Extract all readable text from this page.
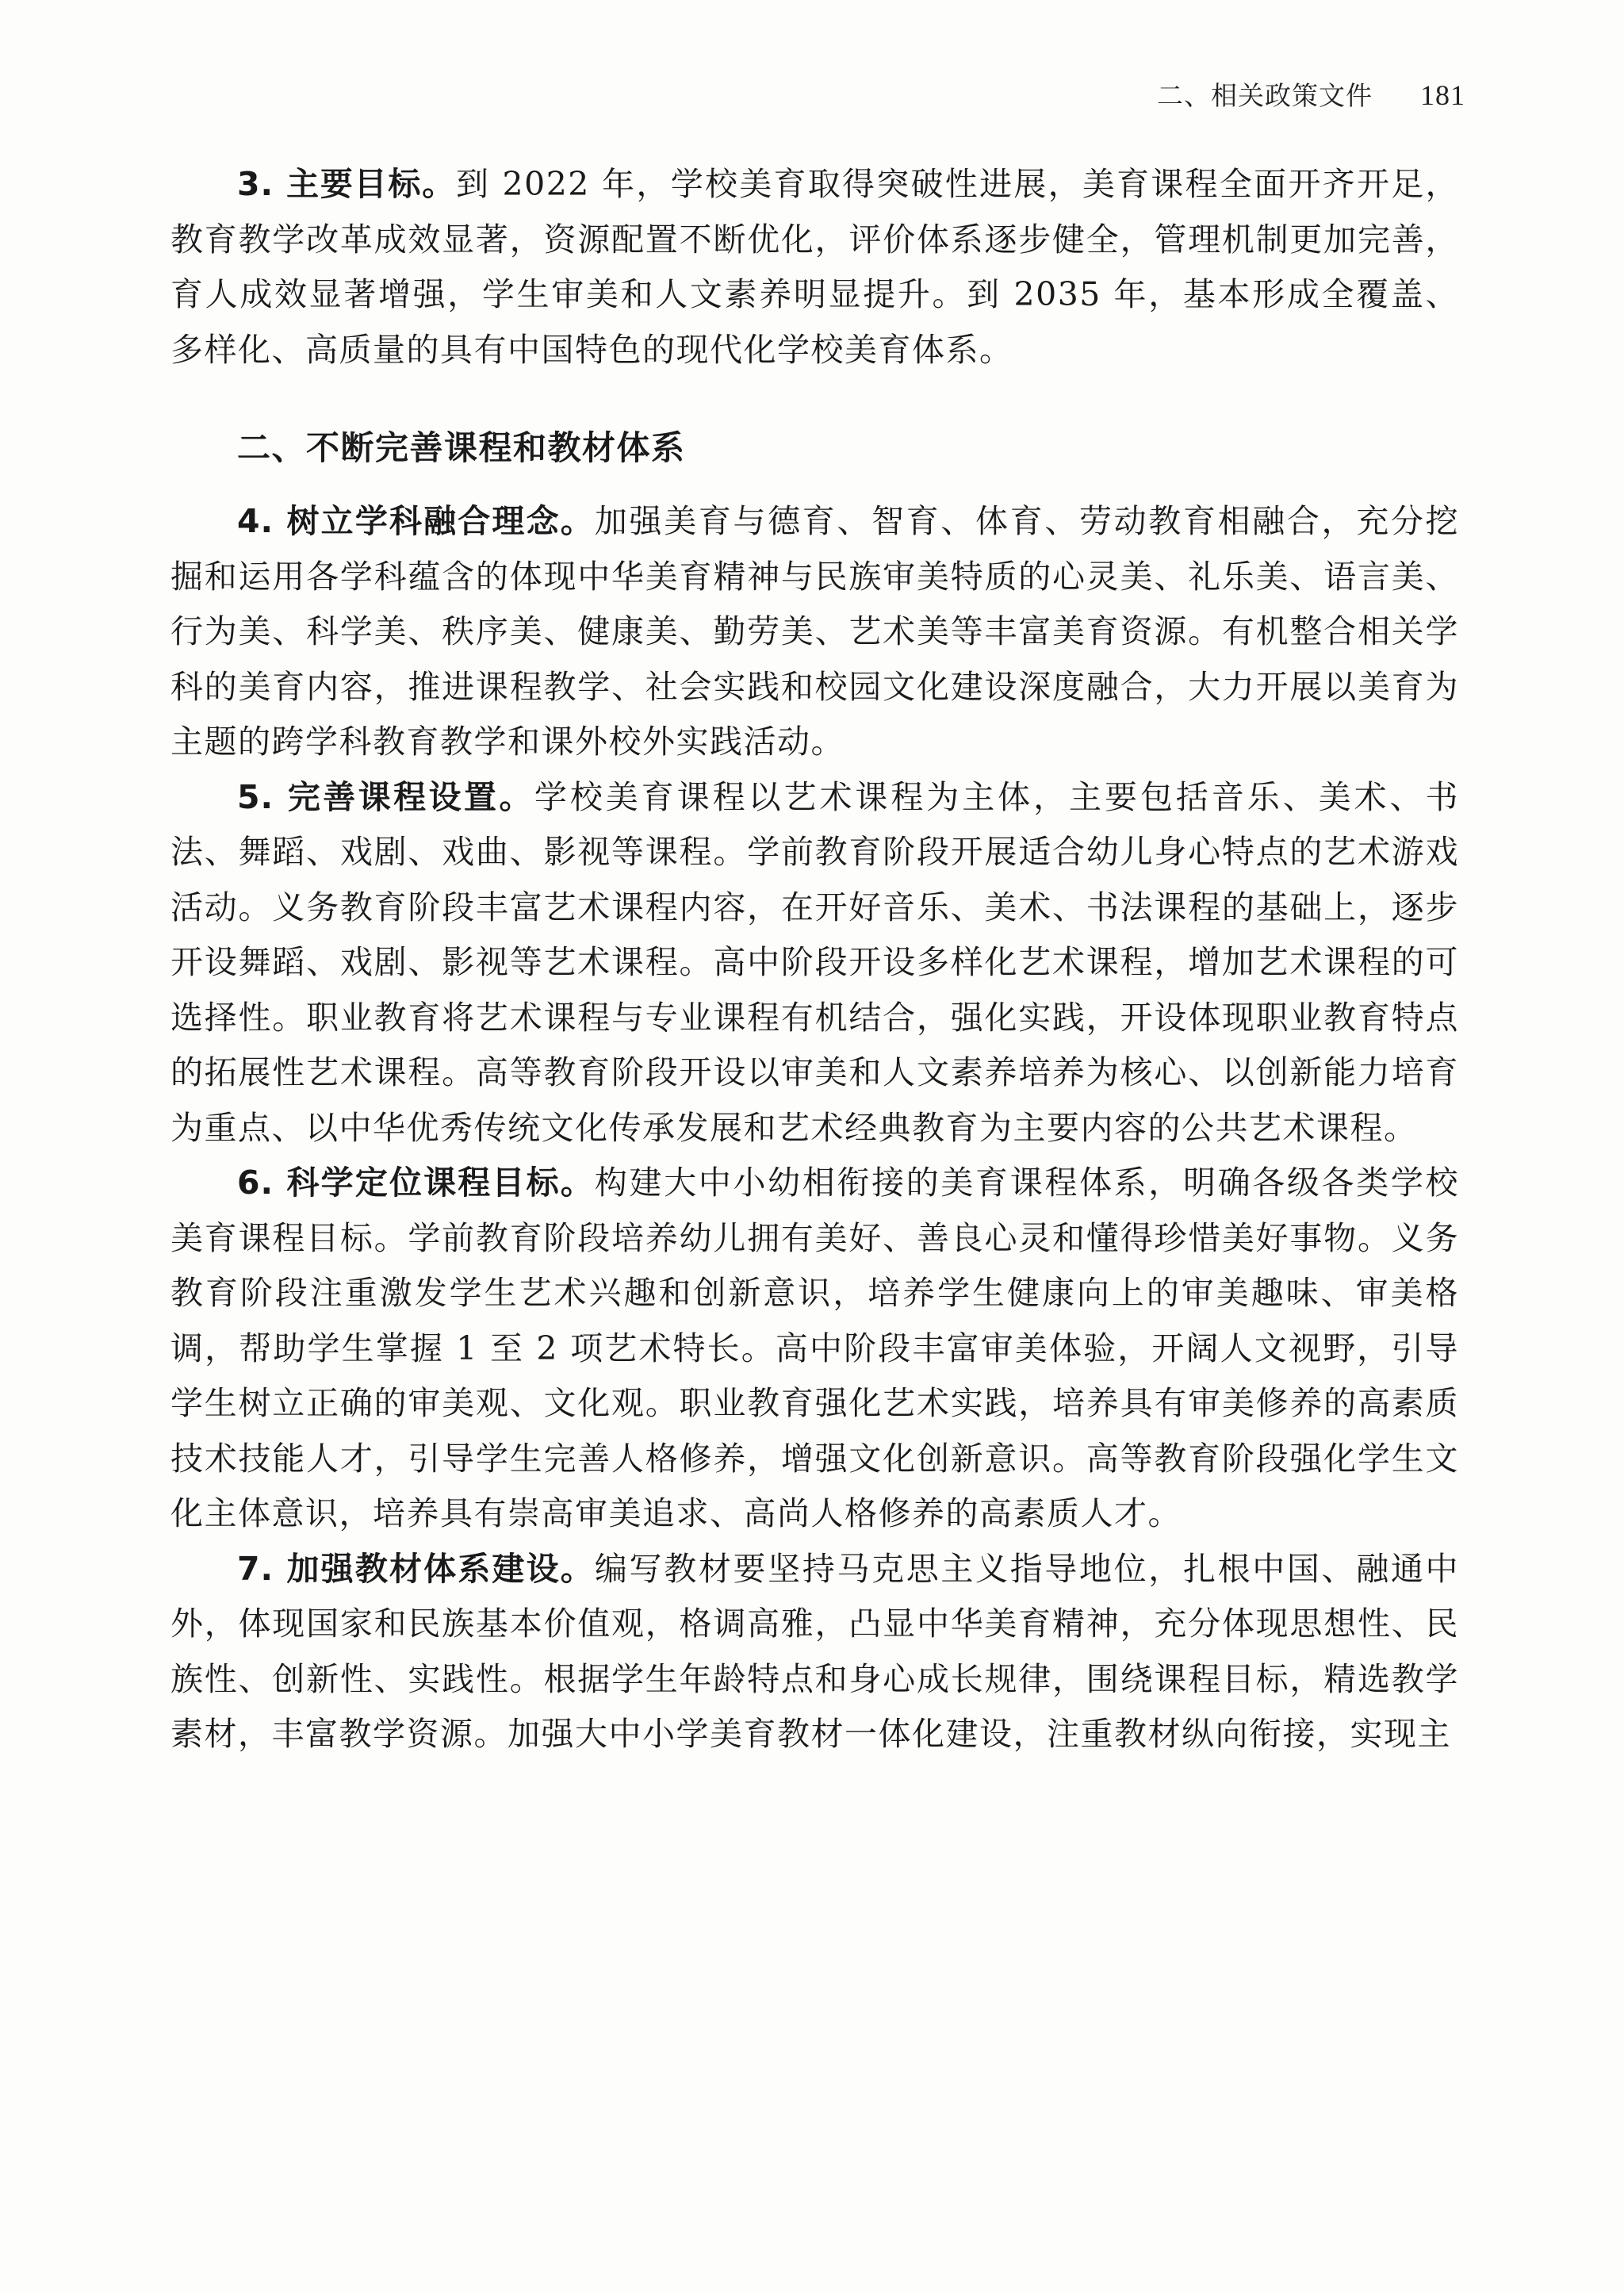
二、相关政策文件 181

3. 主要目标。到 2022 年，学校美育取得突破性进展，美育课程全面开齐开足，教育教学改革成效显著，资源配置不断优化，评价体系逐步健全，管理机制更加完善，育人成效显著增强，学生审美和人文素养明显提升。到 2035 年，基本形成全覆盖、多样化、高质量的具有中国特色的现代化学校美育体系。

二、不断完善课程和教材体系

4. 树立学科融合理念。加强美育与德育、智育、体育、劳动教育相融合，充分挖掘和运用各学科蕴含的体现中华美育精神与民族审美特质的心灵美、礼乐美、语言美、行为美、科学美、秩序美、健康美、勤劳美、艺术美等丰富美育资源。有机整合相关学科的美育内容，推进课程教学、社会实践和校园文化建设深度融合，大力开展以美育为主题的跨学科教育教学和课外校外实践活动。

5. 完善课程设置。学校美育课程以艺术课程为主体，主要包括音乐、美术、书法、舞蹈、戏剧、戏曲、影视等课程。学前教育阶段开展适合幼儿身心特点的艺术游戏活动。义务教育阶段丰富艺术课程内容，在开好音乐、美术、书法课程的基础上，逐步开设舞蹈、戏剧、影视等艺术课程。高中阶段开设多样化艺术课程，增加艺术课程的可选择性。职业教育将艺术课程与专业课程有机结合，强化实践，开设体现职业教育特点的拓展性艺术课程。高等教育阶段开设以审美和人文素养培养为核心、以创新能力培育为重点、以中华优秀传统文化传承发展和艺术经典教育为主要内容的公共艺术课程。

6. 科学定位课程目标。构建大中小幼相衔接的美育课程体系，明确各级各类学校美育课程目标。学前教育阶段培养幼儿拥有美好、善良心灵和懂得珍惜美好事物。义务教育阶段注重激发学生艺术兴趣和创新意识，培养学生健康向上的审美趣味、审美格调，帮助学生掌握 1 至 2 项艺术特长。高中阶段丰富审美体验，开阔人文视野，引导学生树立正确的审美观、文化观。职业教育强化艺术实践，培养具有审美修养的高素质技术技能人才，引导学生完善人格修养，增强文化创新意识。高等教育阶段强化学生文化主体意识，培养具有崇高审美追求、高尚人格修养的高素质人才。

7. 加强教材体系建设。编写教材要坚持马克思主义指导地位，扎根中国、融通中外，体现国家和民族基本价值观，格调高雅，凸显中华美育精神，充分体现思想性、民族性、创新性、实践性。根据学生年龄特点和身心成长规律，围绕课程目标，精选教学素材，丰富教学资源。加强大中小学美育教材一体化建设，注重教材纵向衔接，实现主
